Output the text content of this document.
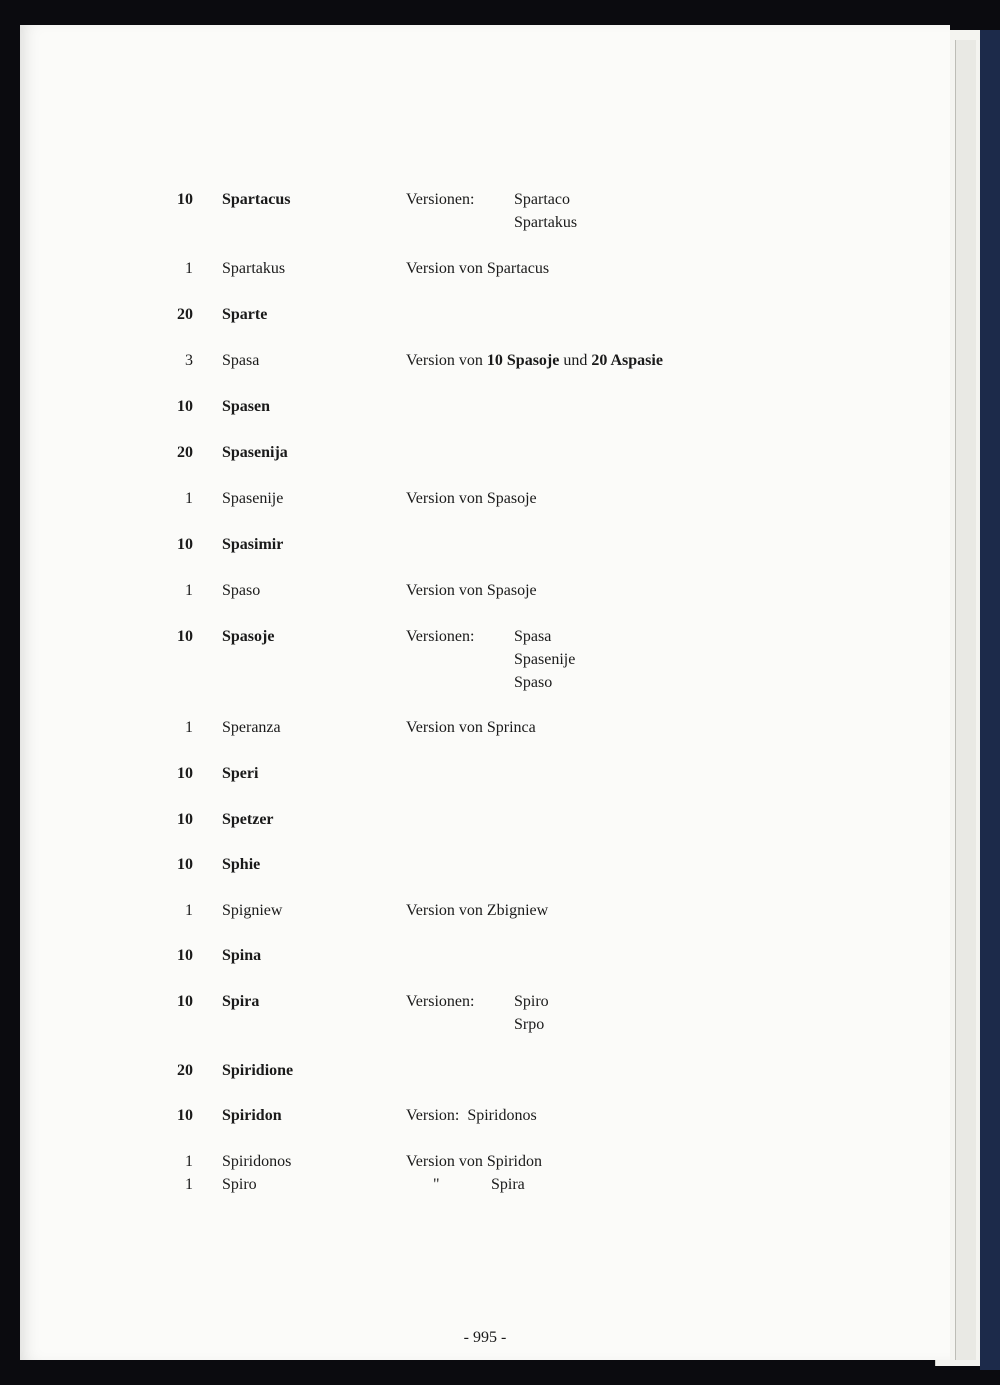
10 Spartacus	Versionen: Spartaco
Spartakus
1 Spartakus	Version von Spartacus
20 Sparte
3 Spasa	Version von 10 Spasoje und 20 Aspasie
10 Spasen
20 Spasenija
1 Spasenije	Version von Spasoje
10 Spasimir
1 Spaso	Version von Spasoje
10 Spasoje	Versionen: Spasa
Spasenije
Spaso
1 Speranza	Version von Sprinca
10 Speri
10 Spetzer
10 Sphie
1 Spigniew	Version von Zbigniew
10 Spina
10 Spira	Versionen: Spiro
Srpo
20 Spiridione
10 Spiridon	Version:  Spiridonos
1 Spiridonos	Version von Spiridon
1 Spiro	"	Spira
- 995 -
